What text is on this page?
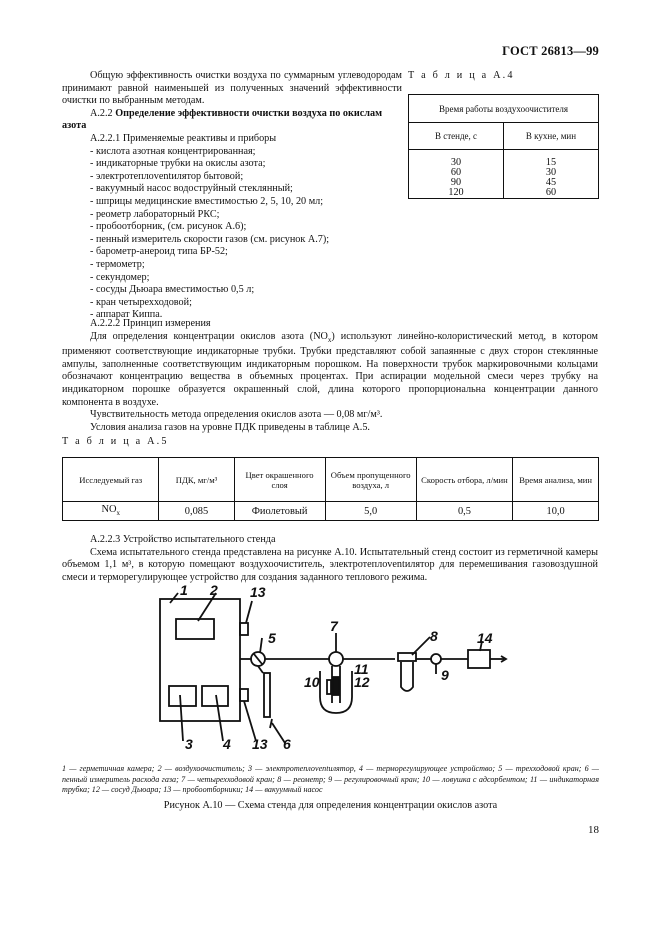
ГОСТ 26813—99

Общую эффективность очистки воздуха по суммарным углеводородам принимают равной наименьшей из полученных значений эффективности очистки по выбранным методам.

А.2.2 Определение эффективности очистки воздуха по окислам азота

А.2.2.1 Применяемые реактивы и приборы

- кислота азотная концентрированная;

- индикаторные трубки на окислы азота;

- электротеплоventилятор бытовой;

- вакуумный насос водоструйный стеклянный;

- шприцы медицинские вместимостью 2, 5, 10, 20 мл;

- реометр лабораторный РКС;

- пробоотборник, (см. рисунок А.6);

- пенный измеритель скорости газов (см. рисунок А.7);

- барометр-анероид типа БР-52;

- термометр;

- секундомер;

- сосуды Дьюара вместимостью 0,5 л;

- кран четырехходовой;

- аппарат Киппа.

Т а б л и ц а А.4
Время работы воздухоочистителя	
В стенде, с	В кухне, мин

30	15
60	30
90	45
120	60

А.2.2.2 Принцип измерения

Для определения концентрации окислов азота $(NO_x)$ используют линейно-колористический метод, в котором применяют соответствующие индикаторные трубки. Трубки представляют собой запаянные с двух сторон стеклянные ампулы, заполненные соответствующим индикаторным порошком. На поверхности трубок маркировочными кольцами обозначают концентрацию вещества в объемных процентах. При аспирации модельной смеси через трубку на индикаторном порошке образуется окрашенный слой, длина которого пропорциональна концентрации данного компонента в воздухе.

Чувствительность метода определения окислов азота — 0,08 мг/м³.

Условия анализа газов на уровне ПДК приведены в таблице А.5.

Т а б л и ц а А.5
Исследуемый газ	ПДК, мг/м³	Цвет окрашенного слоя	Объем пропущенного воздуха, л	Скорость отбора, л/мин	Время анализа, мин
$NO_x$	0,085	Фиолетовый	5,0	0,5	10,0

А.2.2.3 Устройство испытательного стенда

Схема испытательного стенда представлена на рисунке А.10. Испытательный стенд состоит из герметичной камеры объемом 1,1 м³, в которую помещают воздухоочиститель, электротеплоventилятор для перемешивания газовоздушной смеси и терморегулирующее устройство для создания заданного теплового режима.

1 2 13
5
7
8	14
11
12
10	9
3 4 13 6
1 — герметичная камера; 2 — воздухоочиститель; 3 — электротеплоventилятор, 4 — терморегулирующее устройство; 5 — трехходовой кран; 6 — пенный измеритель расхода газа; 7 — четырехходовой кран; 8 — реометр; 9 — регулировочный кран; 10 — ловушка с адсорбентом; 11 — индикаторная трубка; 12 — сосуд Дьюара; 13 — пробоотборники; 14 — вакуумный насос
Рисунок А.10 — Схема стенда для определения концентрации окислов азота
18
